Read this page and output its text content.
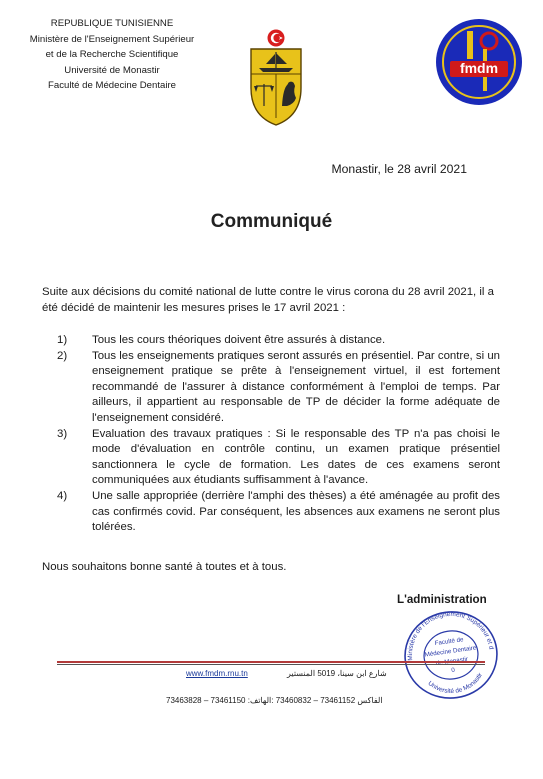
REPUBLIQUE TUNISIENNE
Ministère de l'Enseignement Supérieur
et de la Recherche Scientifique
Université de Monastir
Faculté de Médecine Dentaire
fmdm
Monastir, le 28 avril 2021
Communiqué
Suite aux décisions du comité national de lutte contre le virus corona du 28 avril 2021, il a été décidé de maintenir les mesures prises le 17 avril 2021 :
1)	Tous les cours théoriques doivent être assurés à distance.
2)	Tous les enseignements pratiques seront assurés en présentiel. Par contre, si un enseignement pratique se prête à l'enseignement virtuel, il est fortement recommandé de l'assurer à distance conformément à l'emploi de temps. Par ailleurs, il appartient au responsable de TP de décider la forme adéquate de l'enseignement considéré.
3)	Evaluation des travaux pratiques : Si le responsable des TP n'a pas choisi le mode d'évaluation en contrôle continu, un examen pratique présentiel sanctionnera le cycle de formation. Les dates de ces examens seront communiquées aux étudiants suffisamment à l'avance.
4)	Une salle appropriée (derrière l'amphi des thèses) a été aménagée au profit des cas confirmés covid. Par conséquent, les absences aux examens ne seront plus tolérées.
Nous souhaitons bonne santé à toutes et à tous.
L'administration
Ministère de l'Enseignement Supérieur et de
Université de Monastir
Faculté de
Médecine Dentaire
0
www.fmdm.rnu.tn	شارع ابن سينا، 5019 المنستير
73463828 – 73461150 :الفاكس 73461152 – 73460832 :الهاتف
